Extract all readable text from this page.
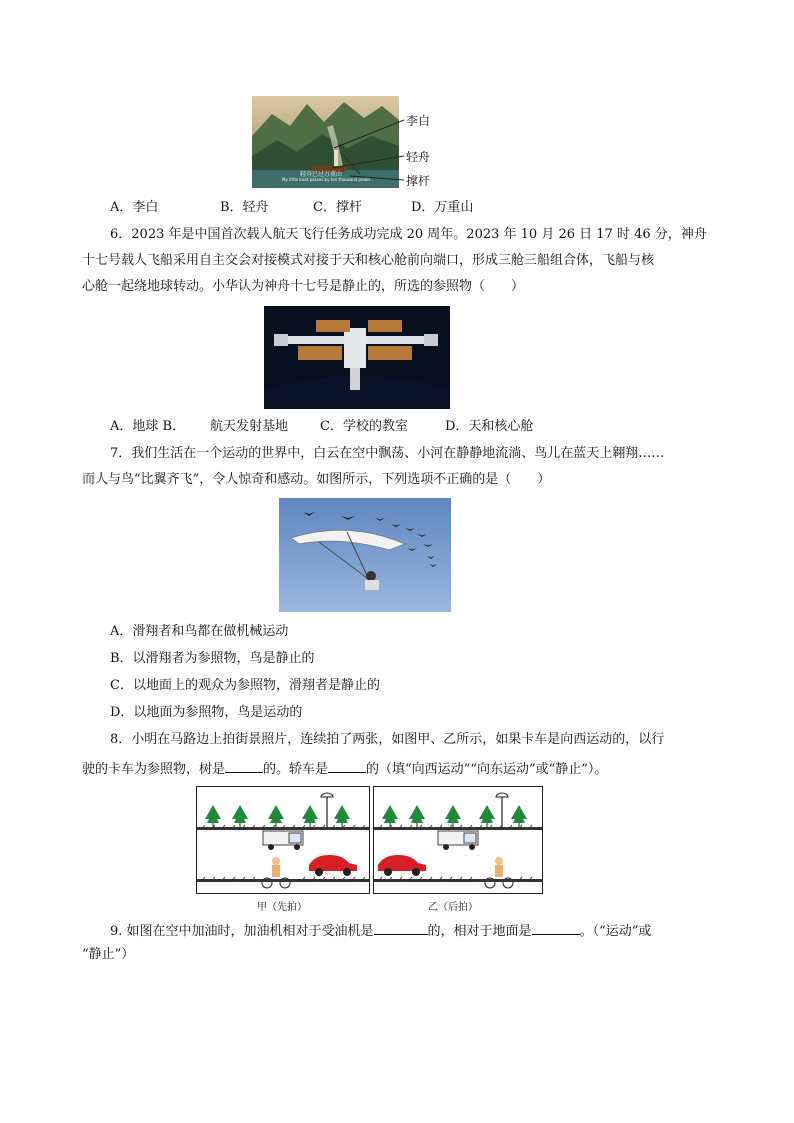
轻舟已过万重山
My little boat passes by ten thousand peaks
李白
轻舟
撑杆
A．李白	B．轻舟	C．撑杆	D．万重山
6．2023 年是中国首次载人航天飞行任务成功完成 20 周年。2023 年 10 月 26 日 17 时 46 分，神舟
十七号载人飞船采用自主交会对接模式对接于天和核心舱前向端口，形成三舱三船组合体，飞船与核
心舱一起绕地球转动。小华认为神舟十七号是静止的，所选的参照物（　　）
A．地球 B． 航天发射基地 C．学校的教室	D．天和核心舱
7．我们生活在一个运动的世界中，白云在空中飘荡、小河在静静地流淌、鸟儿在蓝天上翱翔……
而人与鸟“比翼齐飞”，令人惊奇和感动。如图所示，下列选项不正确的是（　　）
A．滑翔者和鸟都在做机械运动
B．以滑翔者为参照物，鸟是静止的
C．以地面上的观众为参照物，滑翔者是静止的
D．以地面为参照物，鸟是运动的
8．小明在马路边上拍街景照片，连续拍了两张，如图甲、乙所示，如果卡车是向西运动的，以行
驶的卡车为参照物，树是	的。轿车是	的（填“向西运动”“向东运动”或“静止”）。
甲（先拍）	乙（后拍）
9. 如图在空中加油时，加油机相对于受油机是	的，相对于地面是	。（“运动”或
“静止”）
